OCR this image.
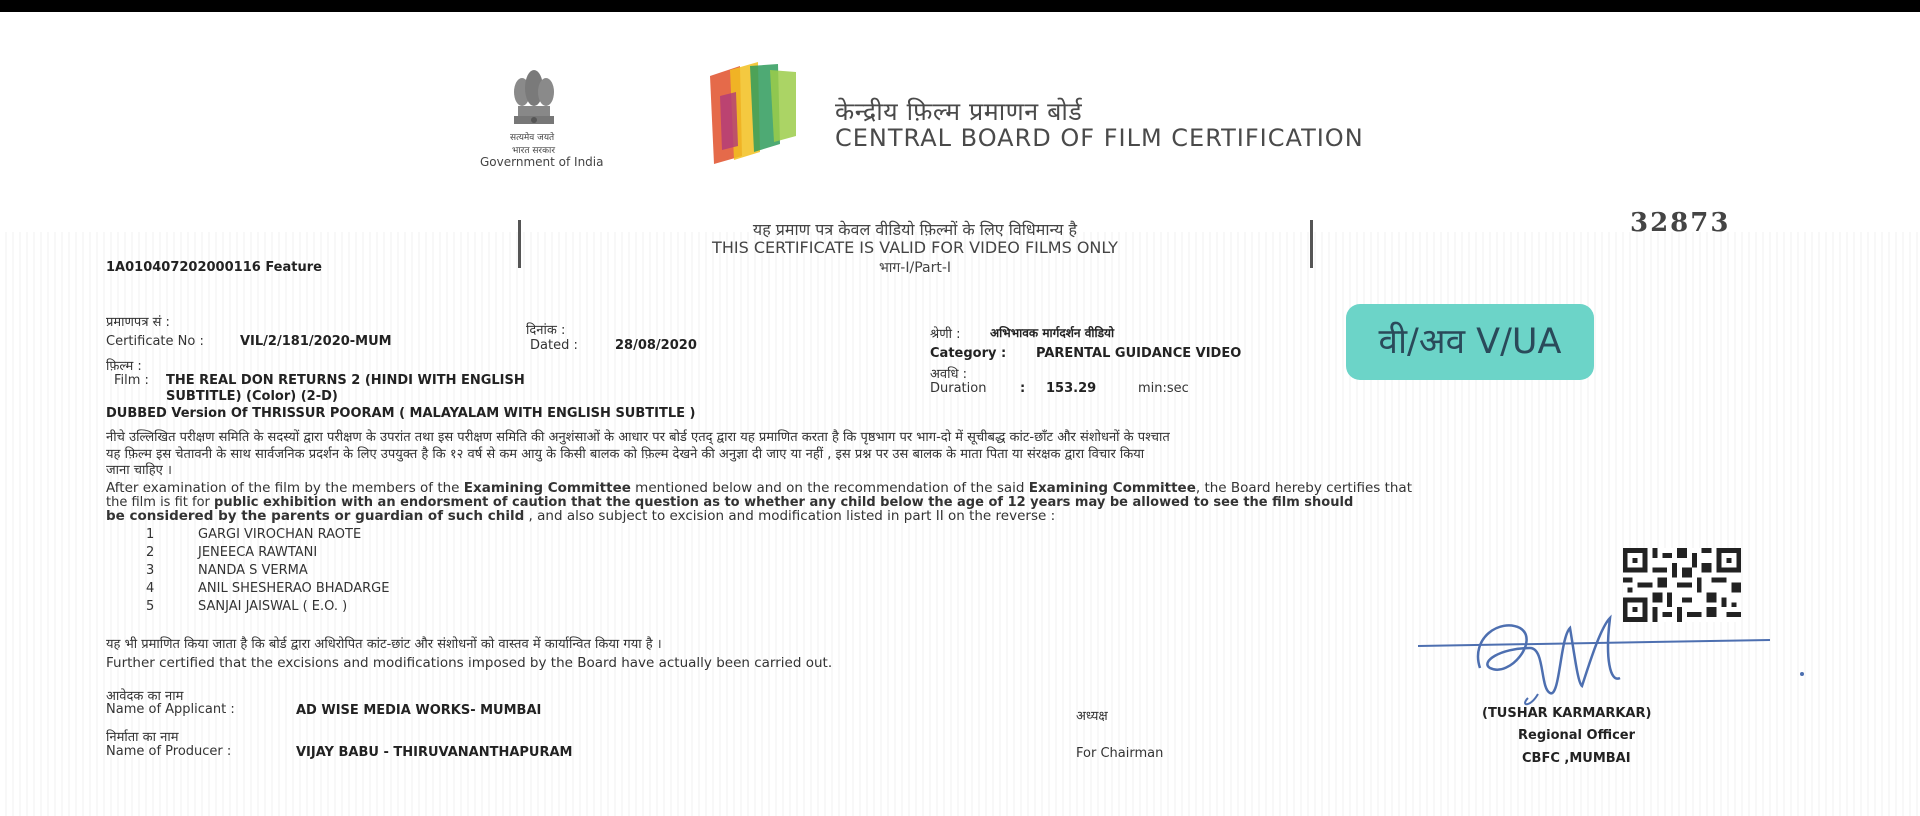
सत्यमेव जयते
भारत सरकार
Government of India
केन्द्रीय फ़िल्म प्रमाणन बोर्ड
CENTRAL BOARD OF FILM CERTIFICATION
32873
यह प्रमाण पत्र केवल वीडियो फ़िल्मों के लिए विधिमान्य है
THIS CERTIFICATE IS VALID FOR VIDEO FILMS ONLY
भाग-I/Part-I
1A010407202000116 Feature
प्रमाणपत्र सं :
Certificate No :	VIL/2/181/2020-MUM
दिनांक :
Dated :	28/08/2020
फ़िल्म :
Film : THE REAL DON RETURNS 2 (HINDI WITH ENGLISH
SUBTITLE) (Color) (2-D)
DUBBED Version Of THRISSUR POORAM ( MALAYALAM WITH ENGLISH SUBTITLE )
श्रेणी : अभिभावक मार्गदर्शन वीडियो
Category : PARENTAL GUIDANCE VIDEO
अवधि :
Duration	: 153.29	min:sec
वी/अव V/UA
नीचे उल्लिखित परीक्षण समिति के सदस्यों द्वारा परीक्षण के उपरांत तथा इस परीक्षण समिति की अनुशंसाओं के आधार पर बोर्ड एतद् द्वारा यह प्रमाणित करता है कि पृष्ठभाग पर भाग-दो में सूचीबद्ध कांट-छाँट और संशोधनों के पश्चात
यह फ़िल्म इस चेतावनी के साथ सार्वजनिक प्रदर्शन के लिए उपयुक्त है कि १२ वर्ष से कम आयु के किसी बालक को फ़िल्म देखने की अनुज्ञा दी जाए या नहीं , इस प्रश्न पर उस बालक के माता पिता या संरक्षक द्वारा विचार किया
जाना चाहिए ।
After examination of the film by the members of the Examining Committee mentioned below and on the recommendation of the said Examining Committee, the Board hereby certifies that
the film is fit for public exhibition with an endorsment of caution that the question as to whether any child below the age of 12 years may be allowed to see the film should
be considered by the parents or guardian of such child , and also subject to excision and modification listed in part II on the reverse :
1	GARGI VIROCHAN RAOTE
2	JENEECA RAWTANI
3	NANDA S VERMA
4	ANIL SHESHERAO BHADARGE
5	SANJAI JAISWAL ( E.O. )
यह भी प्रमाणित किया जाता है कि बोर्ड द्वारा अधिरोपित कांट-छांट और संशोधनों को वास्तव में कार्यान्वित किया गया है ।
Further certified that the excisions and modifications imposed by the Board have actually been carried out.
आवेदक का नाम
Name of Applicant :	AD WISE MEDIA WORKS- MUMBAI
निर्माता का नाम
Name of Producer :	VIJAY BABU - THIRUVANANTHAPURAM
अध्यक्ष
For Chairman
(TUSHAR KARMARKAR)
Regional Officer
CBFC ,MUMBAI
